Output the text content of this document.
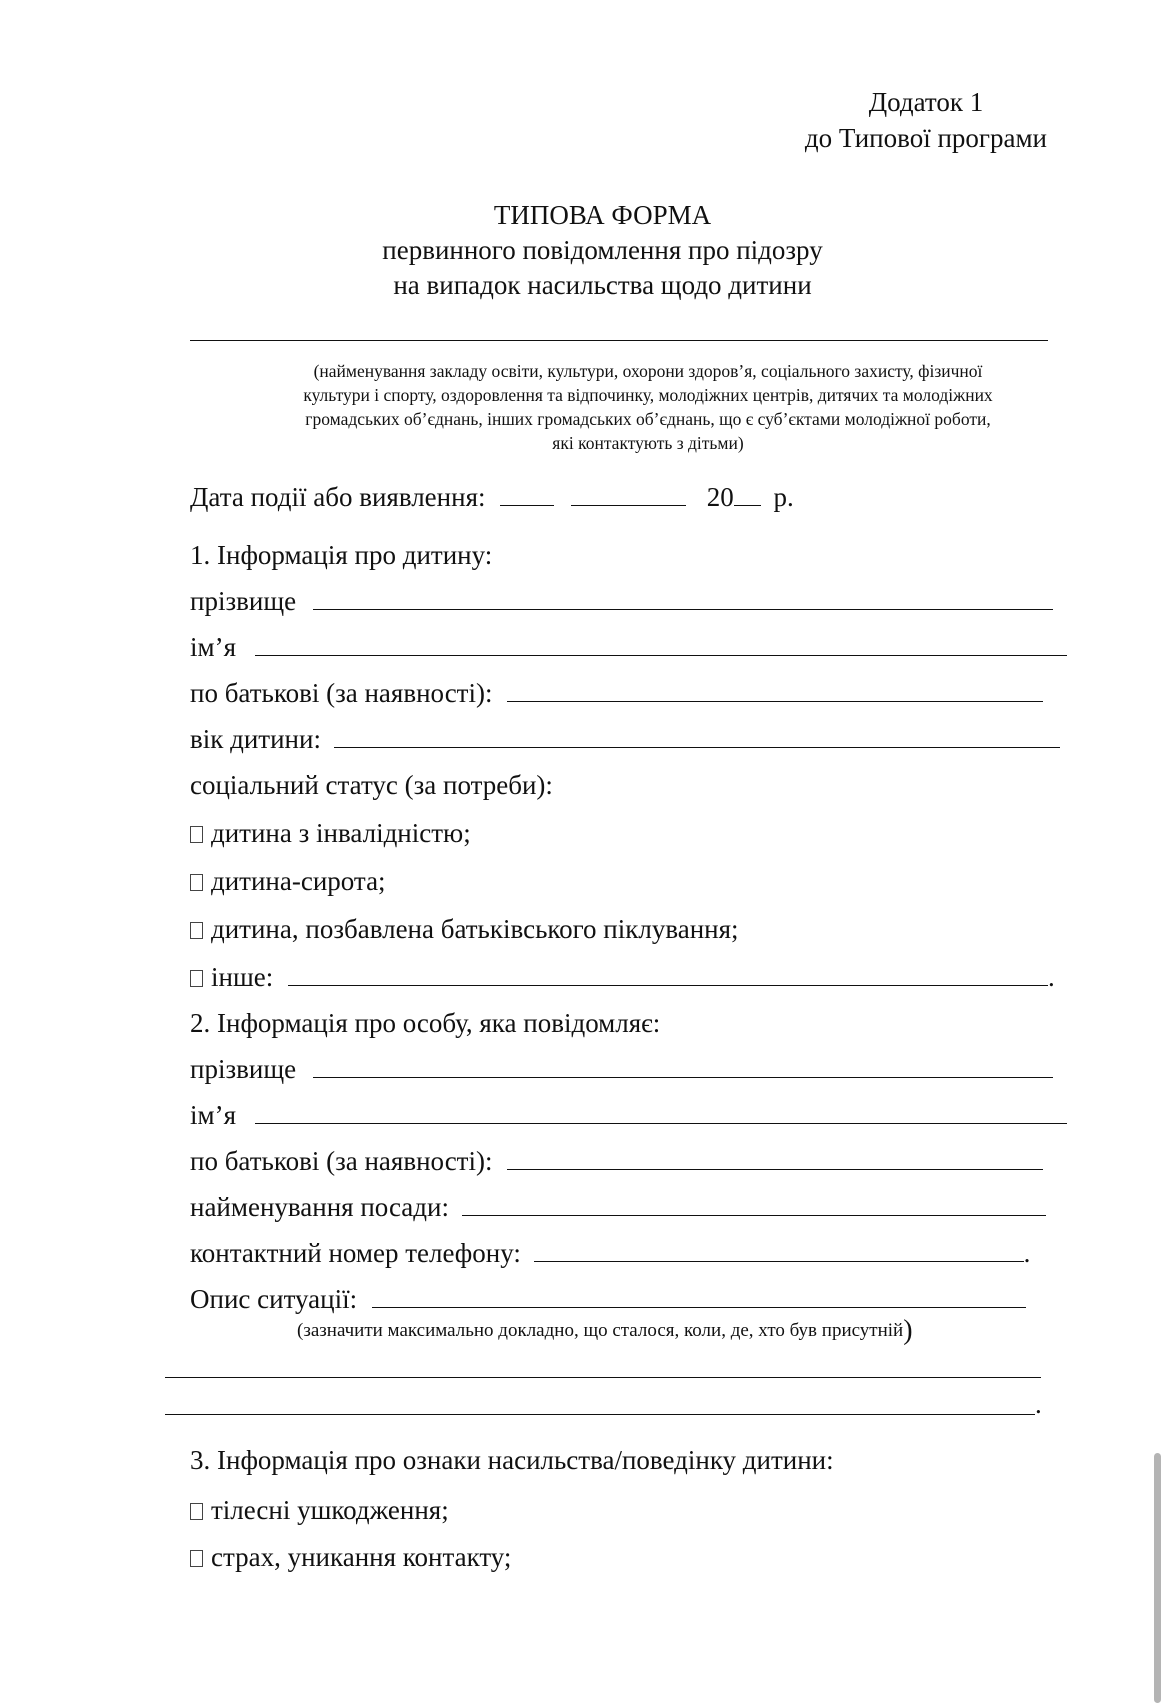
Додаток 1
до Типової програми
ТИПОВА ФОРМА
первинного повідомлення про підозру
на випадок насильства щодо дитини
(найменування закладу освіти, культури, охорони здоров’я, соціального захисту, фізичної
культури і спорту, оздоровлення та відпочинку, молодіжних центрів, дитячих та молодіжних
громадських об’єднань, інших громадських об’єднань, що є суб’єктами молодіжної роботи,
які контактують з дітьми)
Дата події або виявлення:	20 р.
1. Інформація про дитину:
прізвище
ім’я
по батькові (за наявності):
вік дитини:
соціальний статус (за потреби):
дитина з інвалідністю;
дитина-сирота;
дитина, позбавлена батьківського піклування;
інше:	.
2. Інформація про особу, яка повідомляє:
прізвище
ім’я
по батькові (за наявності):
найменування посади:
контактний номер телефону:	.
Опис ситуації:
(зазначити максимально докладно, що сталося, коли, де, хто був присутній)
.
3. Інформація про ознаки насильства/поведінку дитини:
тілесні ушкодження;
страх, уникання контакту;
